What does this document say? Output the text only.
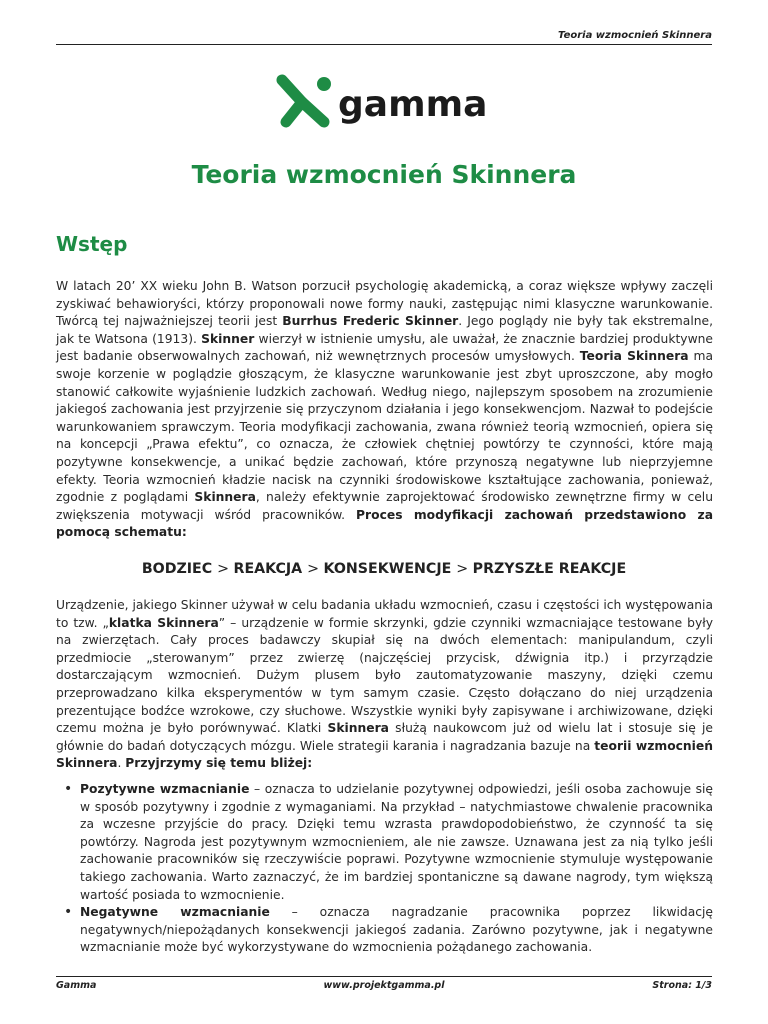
Teoria wzmocnień Skinnera
gamma
Teoria wzmocnień Skinnera
Wstęp

W latach 20’ XX wieku John B. Watson porzucił psychologię akademicką, a coraz większe wpływy zaczęli zyskiwać behawioryści, którzy proponowali nowe formy nauki, zastępując nimi klasyczne warunkowanie. Twórcą tej najważniejszej teorii jest Burrhus Frederic Skinner. Jego poglądy nie były tak ekstremalne, jak te Watsona (1913). Skinner wierzył w istnienie umysłu, ale uważał, że znacznie bardziej produktywne jest badanie obserwowalnych zachowań, niż wewnętrznych procesów umysłowych. Teoria Skinnera ma swoje korzenie w poglądzie głoszącym, że klasyczne warunkowanie jest zbyt uproszczone, aby mogło stanowić całkowite wyjaśnienie ludzkich zachowań. Według niego, najlepszym sposobem na zrozumienie jakiegoś zachowania jest przyjrzenie się przyczynom działania i jego konsekwencjom. Nazwał to podejście warunkowaniem sprawczym. Teoria modyfikacji zachowania, zwana również teorią wzmocnień, opiera się na koncepcji „Prawa efektu”, co oznacza, że człowiek chętniej powtórzy te czynności, które mają pozytywne konsekwencje, a unikać będzie zachowań, które przynoszą negatywne lub nieprzyjemne efekty. Teoria wzmocnień kładzie nacisk na czynniki środowiskowe kształtujące zachowania, ponieważ, zgodnie z poglądami Skinnera, należy efektywnie zaprojektować środowisko zewnętrzne firmy w celu zwiększenia motywacji wśród pracowników. Proces modyfikacji zachowań przedstawiono za pomocą schematu:

BODZIEC > REAKCJA > KONSEKWENCJE > PRZYSZŁE REAKCJE

Urządzenie, jakiego Skinner używał w celu badania układu wzmocnień, czasu i częstości ich występowania to tzw. „klatka Skinnera” – urządzenie w formie skrzynki, gdzie czynniki wzmacniające testowane były na zwierzętach. Cały proces badawczy skupiał się na dwóch elementach: manipulandum, czyli przedmiocie „sterowanym” przez zwierzę (najczęściej przycisk, dźwignia itp.) i przyrządzie dostarczającym wzmocnień. Dużym plusem było zautomatyzowanie maszyny, dzięki czemu przeprowadzano kilka eksperymentów w tym samym czasie. Często dołączano do niej urządzenia prezentujące bodźce wzrokowe, czy słuchowe. Wszystkie wyniki były zapisywane i archiwizowane, dzięki czemu można je było porównywać. Klatki Skinnera służą naukowcom już od wielu lat i stosuje się je głównie do badań dotyczących mózgu. Wiele strategii karania i nagradzania bazuje na teorii wzmocnień Skinnera. Przyjrzymy się temu bliżej:

• Pozytywne wzmacnianie – oznacza to udzielanie pozytywnej odpowiedzi, jeśli osoba zachowuje się w sposób pozytywny i zgodnie z wymaganiami. Na przykład – natychmiastowe chwalenie pracownika za wczesne przyjście do pracy. Dzięki temu wzrasta prawdopodobieństwo, że czynność ta się powtórzy. Nagroda jest pozytywnym wzmocnieniem, ale nie zawsze. Uznawana jest za nią tylko jeśli zachowanie pracowników się rzeczywiście poprawi. Pozytywne wzmocnienie stymuluje występowanie takiego zachowania. Warto zaznaczyć, że im bardziej spontaniczne są dawane nagrody, tym większą wartość posiada to wzmocnienie.
• Negatywne wzmacnianie – oznacza nagradzanie pracownika poprzez likwidację negatywnych/niepożądanych konsekwencji jakiegoś zadania. Zarówno pozytywne, jak i negatywne wzmacnianie może być wykorzystywane do wzmocnienia pożądanego zachowania.
Gamma	www.projektgamma.pl	Strona: 1/3
